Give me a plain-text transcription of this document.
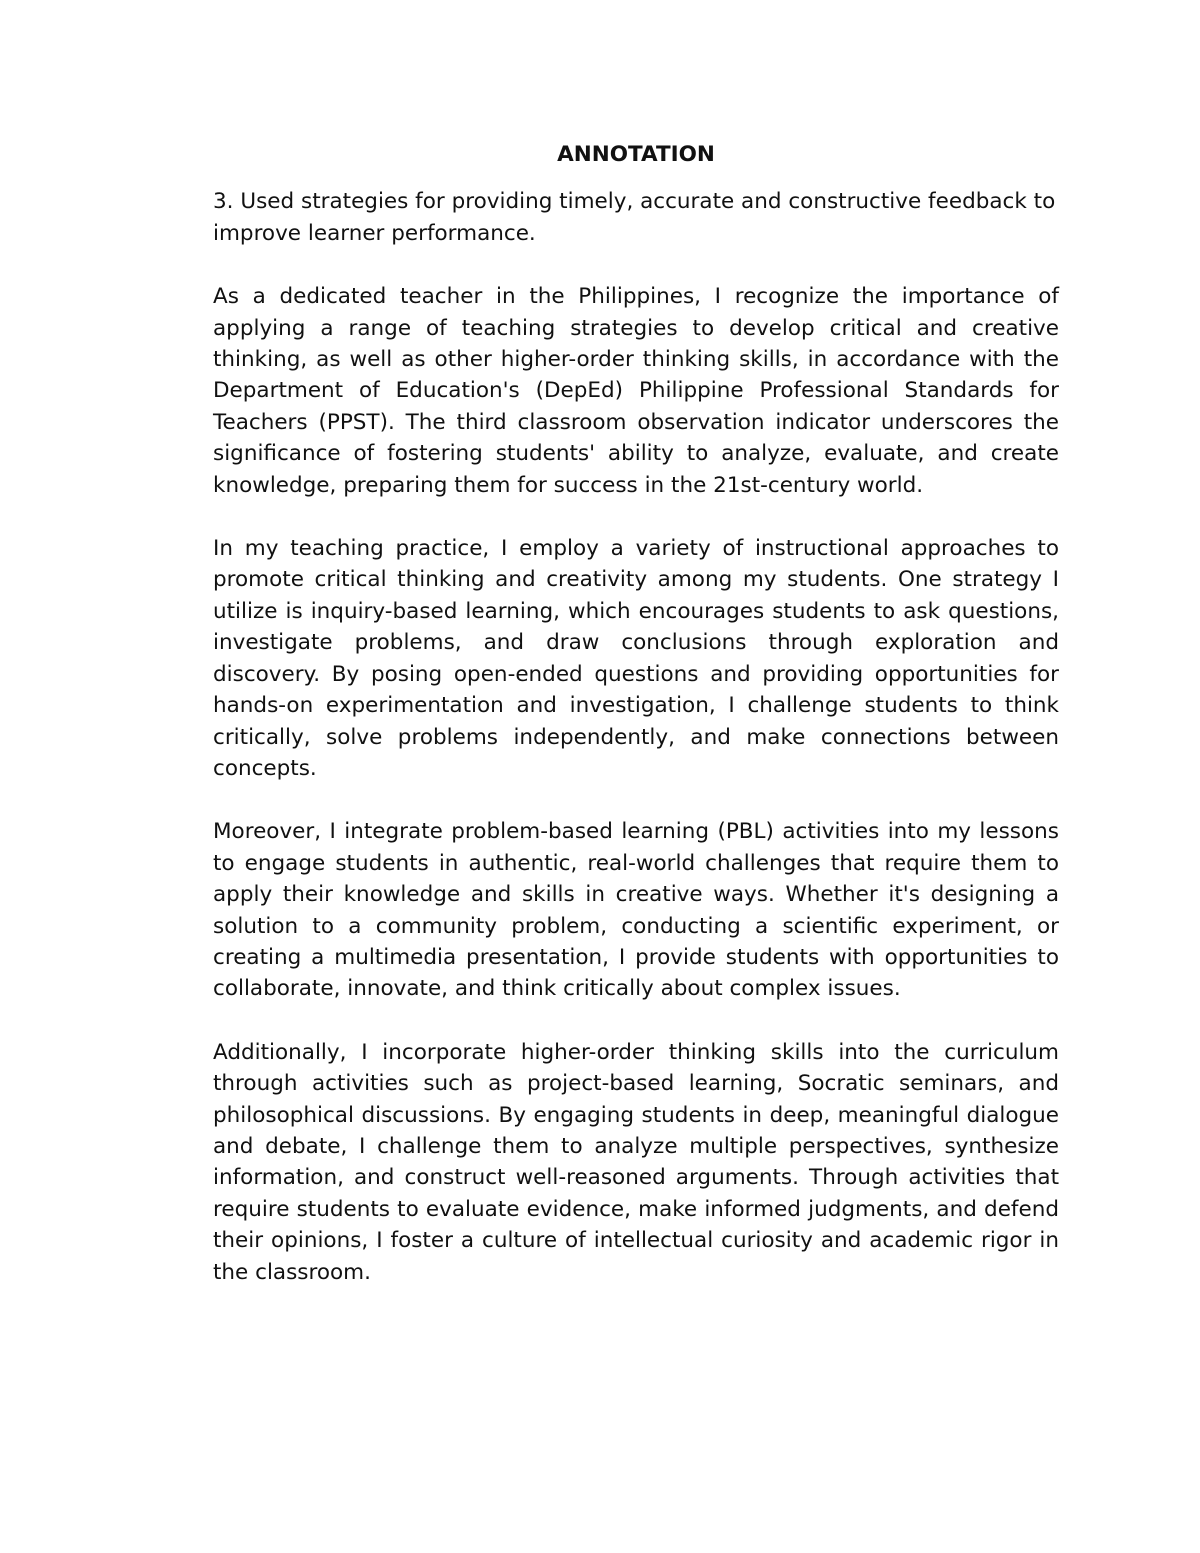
ANNOTATION
3. Used strategies for providing timely, accurate and constructive feedback to improve learner performance.

As a dedicated teacher in the Philippines, I recognize the importance of applying a range of teaching strategies to develop critical and creative thinking, as well as other higher-order thinking skills, in accordance with the Department of Education's (DepEd) Philippine Professional Standards for Teachers (PPST). The third classroom observation indicator underscores the significance of fostering students' ability to analyze, evaluate, and create knowledge, preparing them for success in the 21st-century world.

In my teaching practice, I employ a variety of instructional approaches to promote critical thinking and creativity among my students. One strategy I utilize is inquiry-based learning, which encourages students to ask questions, investigate problems, and draw conclusions through exploration and discovery. By posing open-ended questions and providing opportunities for hands-on experimentation and investigation, I challenge students to think critically, solve problems independently, and make connections between concepts.

Moreover, I integrate problem-based learning (PBL) activities into my lessons to engage students in authentic, real-world challenges that require them to apply their knowledge and skills in creative ways. Whether it's designing a solution to a community problem, conducting a scientific experiment, or creating a multimedia presentation, I provide students with opportunities to collaborate, innovate, and think critically about complex issues.

Additionally, I incorporate higher-order thinking skills into the curriculum through activities such as project-based learning, Socratic seminars, and philosophical discussions. By engaging students in deep, meaningful dialogue and debate, I challenge them to analyze multiple perspectives, synthesize information, and construct well-reasoned arguments. Through activities that require students to evaluate evidence, make informed judgments, and defend their opinions, I foster a culture of intellectual curiosity and academic rigor in the classroom.
